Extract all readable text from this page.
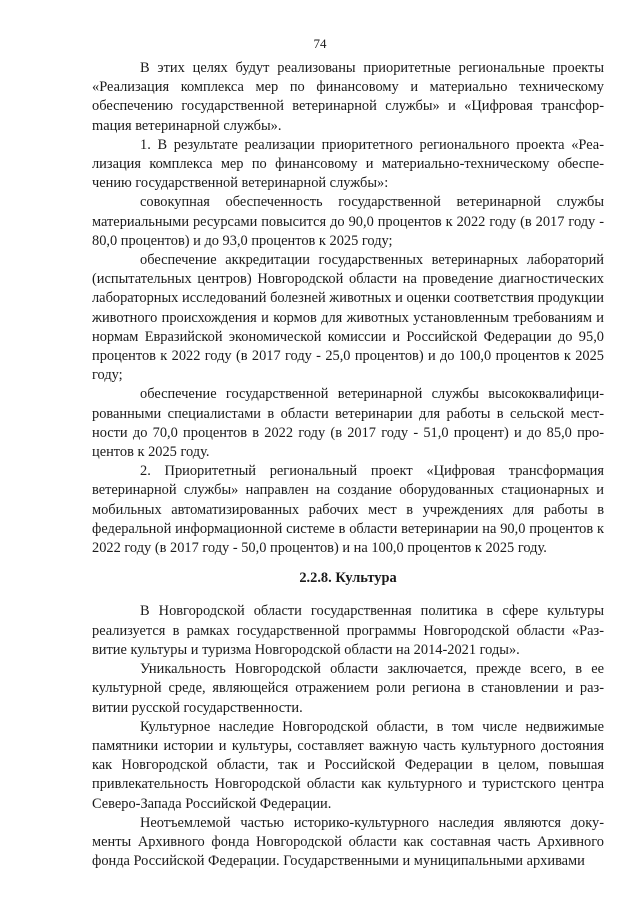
74

В этих целях будут реализованы приоритетные региональные проекты «Реализация комплекса мер по финансовому и материально техническому обеспечению государственной ветеринарной службы» и «Цифровая трансфорmация ветеринарной службы».

1. В результате реализации приоритетного регионального проекта «Реализация комплекса мер по финансовому и материально-техническому обеспечению государственной ветеринарной службы»:

совокупная обеспеченность государственной ветеринарной службы материальными ресурсами повысится до 90,0 процентов к 2022 году (в 2017 году - 80,0 процентов) и до 93,0 процентов к 2025 году;

обеспечение аккредитации государственных ветеринарных лабораторий (испытательных центров) Новгородской области на проведение диагностических лабораторных исследований болезней животных и оценки соответствия продукции животного происхождения и кормов для животных установленным требованиям и нормам Евразийской экономической комиссии и Российской Федерации до 95,0 процентов к 2022 году (в 2017 году - 25,0 процентов) и до 100,0 процентов к 2025 году;

обеспечение государственной ветеринарной службы высококвалифицированными специалистами в области ветеринарии для работы в сельской местности до 70,0 процентов в 2022 году (в 2017 году - 51,0 процент) и до 85,0 процентов к 2025 году.

2. Приоритетный региональный проект «Цифровая трансформация ветеринарной службы» направлен на создание оборудованных стационарных и мобильных автоматизированных рабочих мест в учреждениях для работы в федеральной информационной системе в области ветеринарии на 90,0 процентов к 2022 году (в 2017 году - 50,0 процентов) и на 100,0 процентов к 2025 году.

2.2.8. Культура

В Новгородской области государственная политика в сфере культуры реализуется в рамках государственной программы Новгородской области «Развитие культуры и туризма Новгородской области на 2014-2021 годы».

Уникальность Новгородской области заключается, прежде всего, в ее культурной среде, являющейся отражением роли региона в становлении и развитии русской государственности.

Культурное наследие Новгородской области, в том числе недвижимые памятники истории и культуры, составляет важную часть культурного достояния как Новгородской области, так и Российской Федерации в целом, повышая привлекательность Новгородской области как культурного и туристского центра Северо-Запада Российской Федерации.

Неотъемлемой частью историко-культурного наследия являются документы Архивного фонда Новгородской области как составная часть Архивного фонда Российской Федерации. Государственными и муниципальными архивами
